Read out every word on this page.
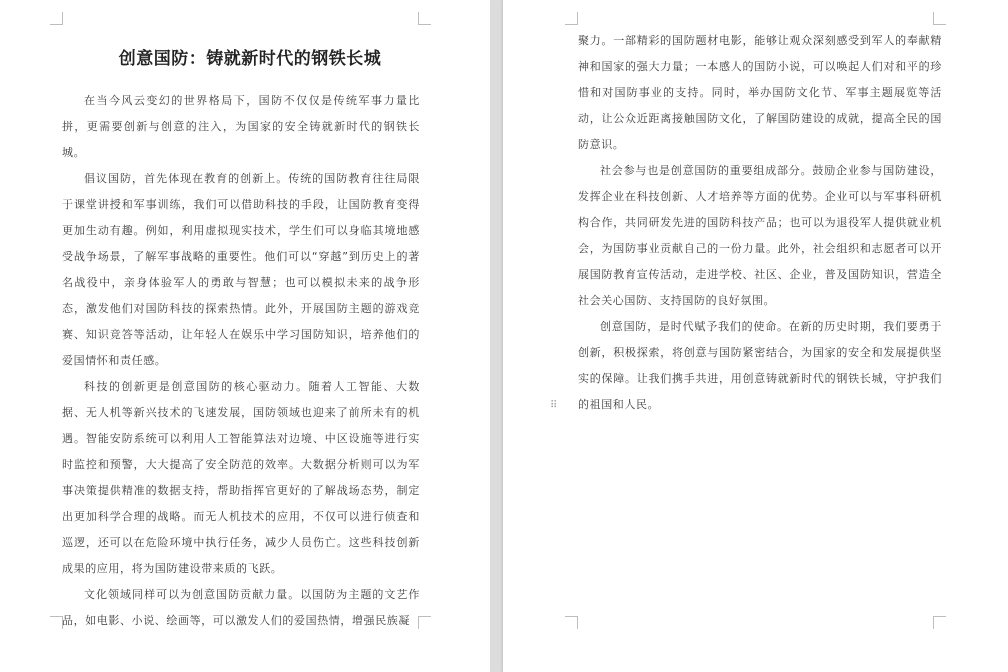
创意国防：铸就新时代的钢铁长城

在当今风云变幻的世界格局下，国防不仅仅是传统军事力量比拼，更需要创新与创意的注入，为国家的安全铸就新时代的钢铁长城。

倡议国防，首先体现在教育的创新上。传统的国防教育往往局限于课堂讲授和军事训练，我们可以借助科技的手段，让国防教育变得更加生动有趣。例如，利用虚拟现实技术，学生们可以身临其境地感受战争场景，了解军事战略的重要性。他们可以“穿越”到历史上的著名战役中，亲身体验军人的勇敢与智慧；也可以模拟未来的战争形态，激发他们对国防科技的探索热情。此外，开展国防主题的游戏竞赛、知识竞答等活动，让年轻人在娱乐中学习国防知识，培养他们的爱国情怀和责任感。

科技的创新更是创意国防的核心驱动力。随着人工智能、大数据、无人机等新兴技术的飞速发展，国防领域也迎来了前所未有的机遇。智能安防系统可以利用人工智能算法对边境、中区设施等进行实时监控和预警，大大提高了安全防范的效率。大数据分析则可以为军事决策提供精准的数据支持，帮助指挥官更好的了解战场态势，制定出更加科学合理的战略。而无人机技术的应用，不仅可以进行侦查和巡逻，还可以在危险环境中执行任务，减少人员伤亡。这些科技创新成果的应用，将为国防建设带来质的飞跃。

文化领域同样可以为创意国防贡献力量。以国防为主题的文艺作品，如电影、小说、绘画等，可以激发人们的爱国热情，增强民族凝

聚力。一部精彩的国防题材电影，能够让观众深刻感受到军人的奉献精神和国家的强大力量；一本感人的国防小说，可以唤起人们对和平的珍惜和对国防事业的支持。同时，举办国防文化节、军事主题展览等活动，让公众近距离接触国防文化，了解国防建设的成就，提高全民的国防意识。

社会参与也是创意国防的重要组成部分。鼓励企业参与国防建设，发挥企业在科技创新、人才培养等方面的优势。企业可以与军事科研机构合作，共同研发先进的国防科技产品；也可以为退役军人提供就业机会，为国防事业贡献自己的一份力量。此外，社会组织和志愿者可以开展国防教育宣传活动，走进学校、社区、企业，普及国防知识，营造全社会关心国防、支持国防的良好氛围。

创意国防，是时代赋予我们的使命。在新的历史时期，我们要勇于创新，积极探索，将创意与国防紧密结合，为国家的安全和发展提供坚实的保障。让我们携手共进，用创意铸就新时代的钢铁长城，守护我们的祖国和人民。

⠿
